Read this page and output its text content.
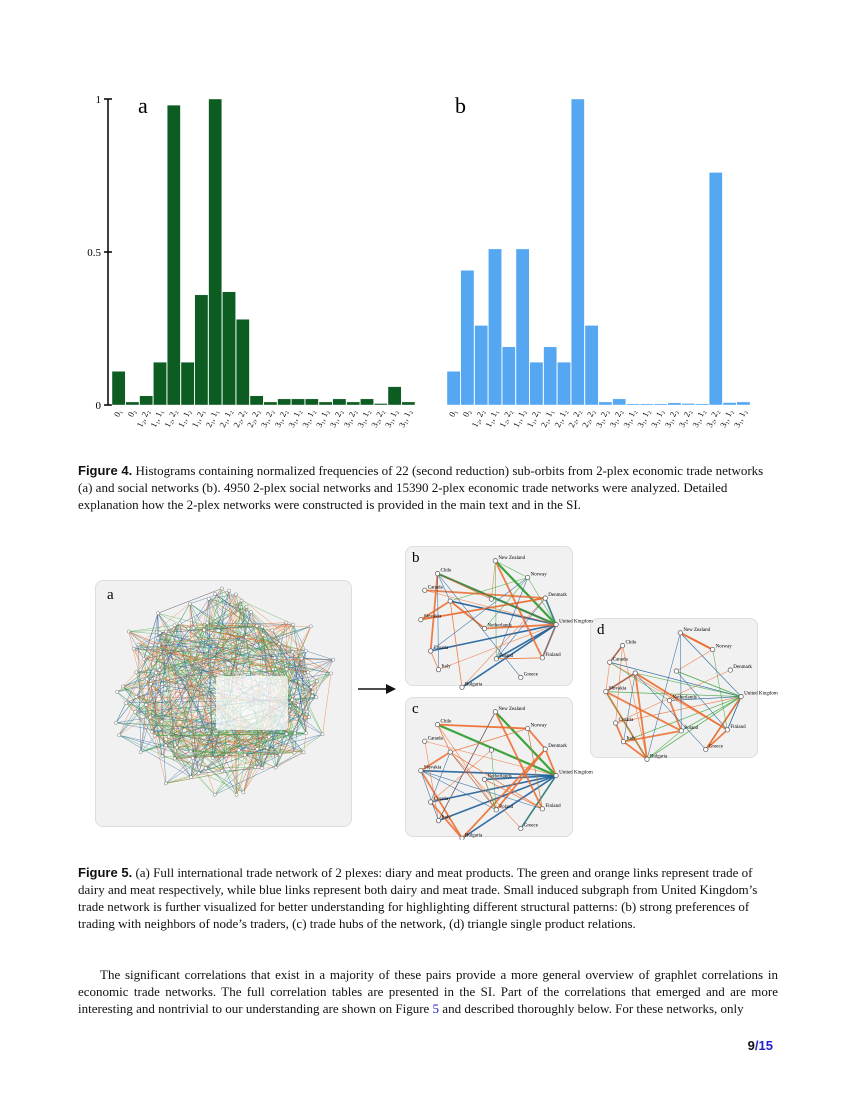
1
0.5
0
a
0₁ 0₂
1₂, 2₂
1₁, 1₁
1₂, 2₂
1₁, 1₂
1₁, 2₁
2₁, 1₁
2₁, 1₂
2₂, 2₂
2₂, 2₂
3₁, 2₂
3₁, 2₂
3₁, 1₂
3₁, 1₂
3₁, 1₂
3₁, 2₂
3₁, 2₂
3₁, 1₂
3₂, 2₂
3₁, 1₂
3₁, 1₂
b
0₁ 0₂
1₂, 2₂
1₁, 1₁
1₂, 2₂
1₁, 1₂
1₁, 2₁
2₁, 1₁
2₁, 1₂
2₂, 2₂
2₂, 2₂
3₁, 2₂
3₁, 2₂
3₁, 1₂
3₁, 1₂
3₁, 1₂
3₁, 2₂
3₁, 2₂
3₁, 1₂
3₂, 2₂
3₁, 1₂
3₁, 1₂
Figure 4. Histograms containing normalized frequencies of 22 (second reduction) sub-orbits from 2-plex economic trade networks (a) and social networks (b). 4950 2-plex social networks and 15390 2-plex economic trade networks were analyzed. Detailed explanation how the 2-plex networks were constructed is provided in the main text and in the SI.
a
Chile
New Zealand
Norway
Canada
Denmark
Slovakia
United Kingdom
Croatia
Finland
Italy
Greece
Bulgaria
Netherlands
Poland
b
Chile
New Zealand
Norway
Canada
Denmark
Slovakia
United Kingdom
Croatia
Finland
Italy
Greece
Bulgaria
Netherlands
Poland
c
Chile
New Zealand
Norway
Canada
Denmark
Slovakia
United Kingdom
Croatia
Finland
Italy
Greece
Bulgaria
Netherlands
Poland
d
Figure 5. (a) Full international trade network of 2 plexes: diary and meat products. The green and orange links represent trade of dairy and meat respectively, while blue links represent both dairy and meat trade. Small induced subgraph from United Kingdom’s trade network is further visualized for better understanding for highlighting different structural patterns: (b) strong preferences of trading with neighbors of node’s traders, (c) trade hubs of the network, (d) triangle single product relations.
The significant correlations that exist in a majority of these pairs provide a more general overview of graphlet correlations in economic trade networks. The full correlation tables are presented in the SI. Part of the correlations that emerged and are more interesting and nontrivial to our understanding are shown on Figure 5 and described thoroughly below. For these networks, only
9/15
